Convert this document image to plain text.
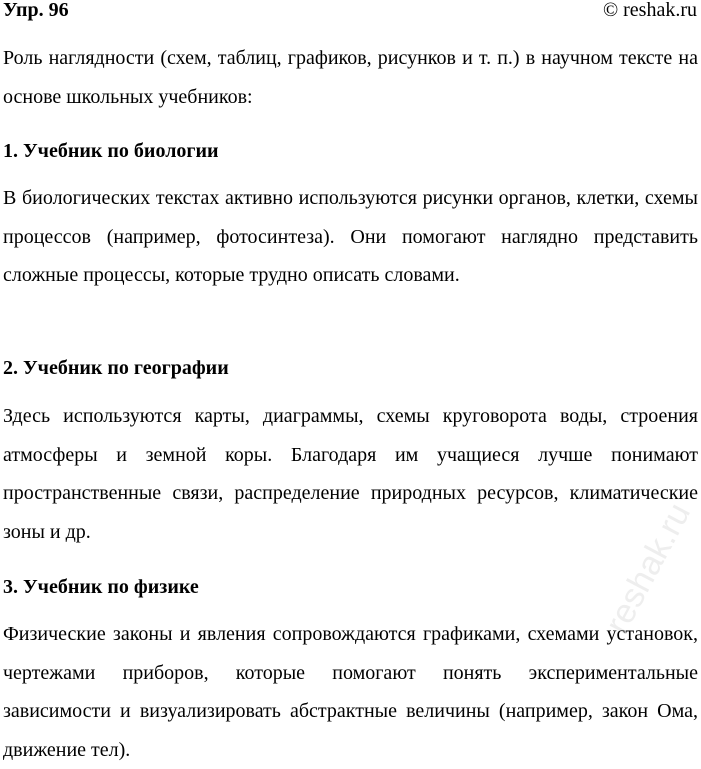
Упр. 96	© reshak.ru

Роль наглядности (схем, таблиц, графиков, рисунков и т. п.) в научном тексте на основе школьных учебников:

1. Учебник по биологии

В биологических текстах активно используются рисунки органов, клетки, схемы процессов (например, фотосинтеза). Они помогают наглядно представить сложные процессы, которые трудно описать словами.

2. Учебник по географии

Здесь используются карты, диаграммы, схемы круговорота воды, строения атмосферы и земной коры. Благодаря им учащиеся лучше понимают пространственные связи, распределение природных ресурсов, климатические зоны и др.

3. Учебник по физике

Физические законы и явления сопровождаются графиками, схемами установок, чертежами приборов, которые помогают понять экспериментальные зависимости и визуализировать абстрактные величины (например, закон Ома, движение тел).

reshak.ru
